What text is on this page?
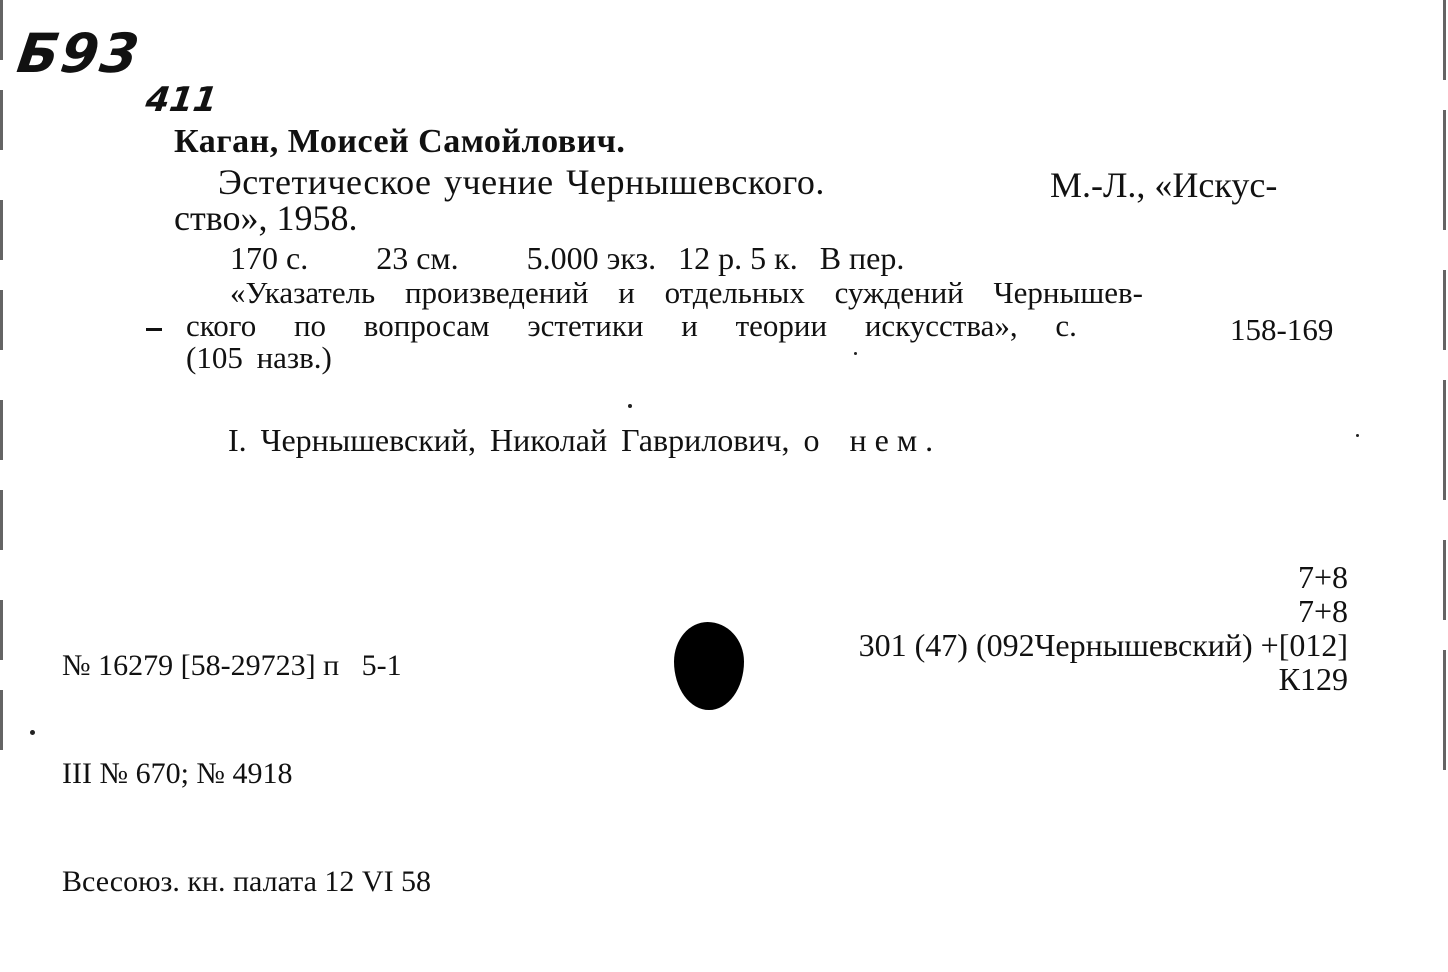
Б93
411
Каган, Моисей Самойлович.
Эстетическое учение Чернышевского.	М.-Л., «Искус-
ство», 1958.
170 с. 23 см. 5.000 экз. 12 р. 5 к. В пер.
«Указатель произведений и отдельных суждений Чернышев-
ского по вопросам эстетики и теории искусства», с.	158-169
(105 назв.)
I. Чернышевский, Николай Гаврилович, о нем.

№ 16279 [58-29723] п   5-1

III № 670; № 4918

Всесоюз. кн. палата 12 VI 58

7+8
7+8
301 (47) (092Чернышевский) +[012]
К129
